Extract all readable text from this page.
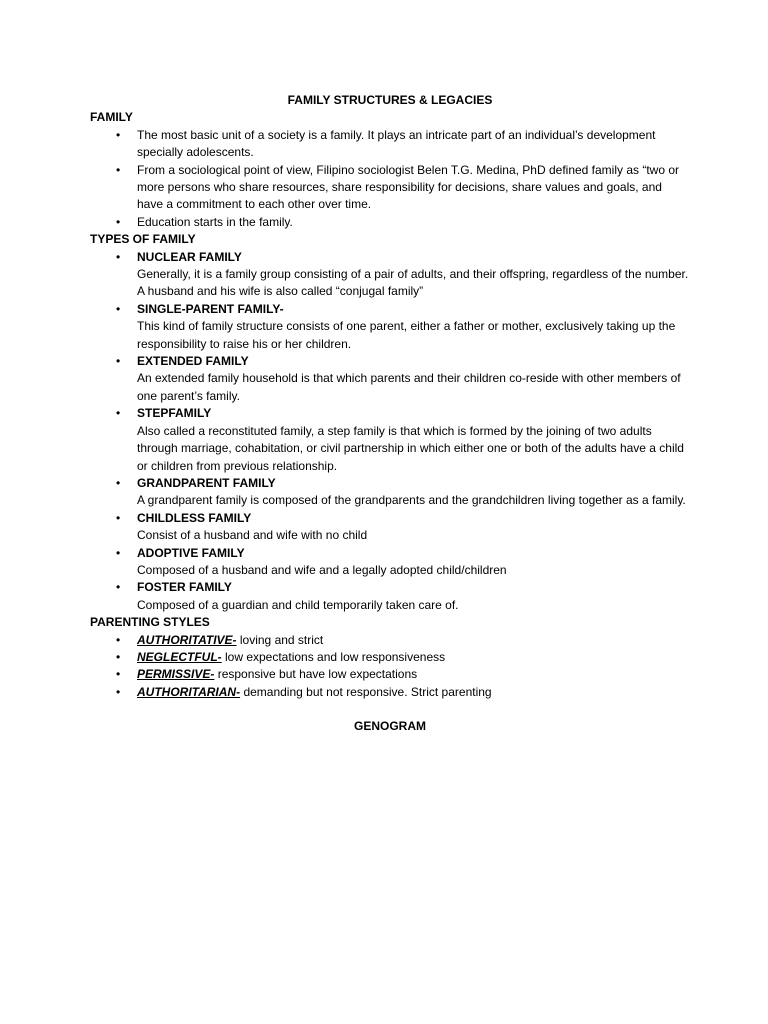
FAMILY STRUCTURES & LEGACIES
FAMILY
• The most basic unit of a society is a family. It plays an intricate part of an individual’s development specially adolescents.
• From a sociological point of view, Filipino sociologist Belen T.G. Medina, PhD defined family as “two or more persons who share resources, share responsibility for decisions, share values and goals, and have a commitment to each other over time.
• Education starts in the family.
TYPES OF FAMILY
• NUCLEAR FAMILY
Generally, it is a family group consisting of a pair of adults, and their offspring, regardless of the number. A husband and his wife is also called “conjugal family”
• SINGLE-PARENT FAMILY-
This kind of family structure consists of one parent, either a father or mother, exclusively taking up the responsibility to raise his or her children.
• EXTENDED FAMILY
An extended family household is that which parents and their children co-reside with other members of one parent’s family.
• STEPFAMILY
Also called a reconstituted family, a step family is that which is formed by the joining of two adults through marriage, cohabitation, or civil partnership in which either one or both of the adults have a child or children from previous relationship.
• GRANDPARENT FAMILY
A grandparent family is composed of the grandparents and the grandchildren living together as a family.
• CHILDLESS FAMILY
Consist of a husband and wife with no child
• ADOPTIVE FAMILY
Composed of a husband and wife and a legally adopted child/children
• FOSTER FAMILY
Composed of a guardian and child temporarily taken care of.
PARENTING STYLES
• AUTHORITATIVE- loving and strict
• NEGLECTFUL- low expectations and low responsiveness
• PERMISSIVE- responsive but have low expectations
• AUTHORITARIAN- demanding but not responsive. Strict parenting
GENOGRAM
